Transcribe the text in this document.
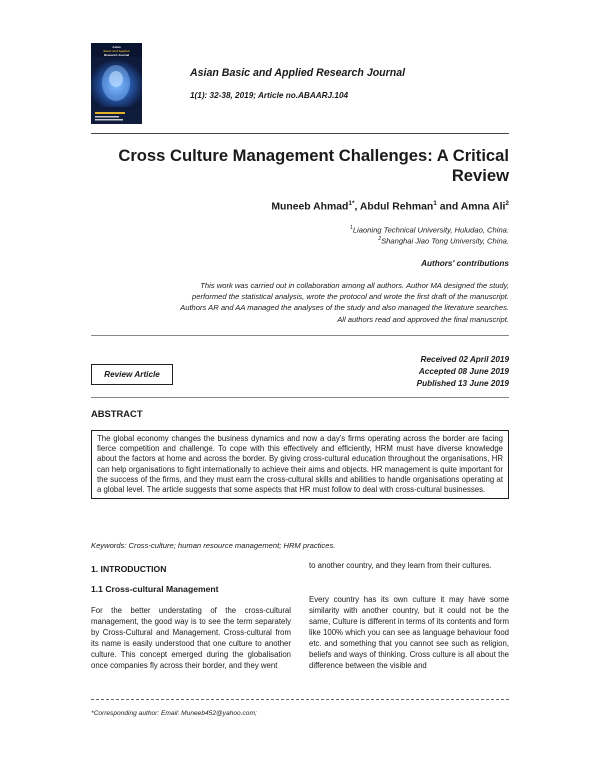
Asian
Basic and Applied
Research Journal
Asian Basic and Applied Research Journal
1(1): 32-38, 2019; Article no.ABAARJ.104
Cross Culture Management Challenges: A Critical
Review
Muneeb Ahmad$^{1*}$, Abdul Rehman$^1$ and Amna Ali$^2$
$^1$Liaoning Technical University, Huludao, China.
$^2$Shanghai Jiao Tong University, China.
Authors' contributions
This work was carried out in collaboration among all authors. Author MA designed the study,
performed the statistical analysis, wrote the protocol and wrote the first draft of the manuscript.
Authors AR and AA managed the analyses of the study and also managed the literature searches.
All authors read and approved the final manuscript.
Review Article
Received 02 April 2019
Accepted 08 June 2019
Published 13 June 2019
ABSTRACT
The global economy changes the business dynamics and now a day's firms operating across the border are facing fierce competition and challenge. To cope with this effectively and efficiently, HRM must have diverse knowledge about the factors at home and across the border. By giving cross-cultural education throughout the organisations, HR can help organisations to fight internationally to achieve their aims and objects. HR management is quite important for the success of the firms, and they must earn the cross-cultural skills and abilities to handle organisations operating at a global level. The article suggests that some aspects that HR must follow to deal with cross-cultural businesses.
Keywords: Cross-culture; human resource management; HRM practices.
1. INTRODUCTION
1.1 Cross-cultural Management
For the better understating of the cross-cultural management, the good way is to see the term separately by Cross-Cultural and Management. Cross-cultural from its name is easily understood that one culture to another culture. This concept emerged during the globalisation once companies fly across their border, and they went
to another country, and they learn from their cultures.
Every country has its own culture it may have some similarity with another country, but it could not be the same, Culture is different in terms of its contents and form like 100% which you can see as language behaviour food etc. and something that you cannot see such as religion, beliefs and ways of thinking. Cross culture is all about the difference between the visible and
*Corresponding author: Email: Muneeb452@yahoo.com;
